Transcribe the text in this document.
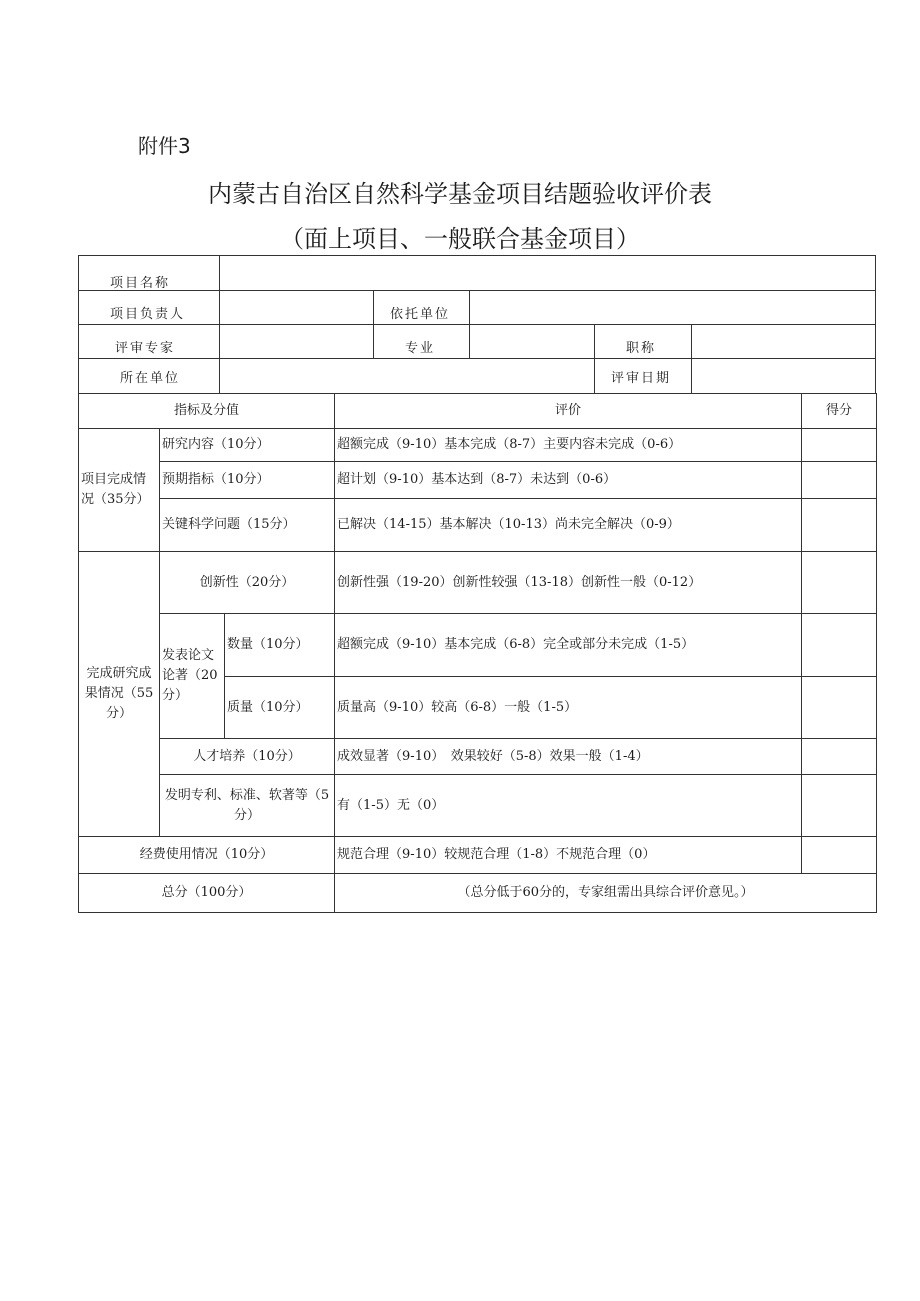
附件3
内蒙古自治区自然科学基金项目结题验收评价表
（面上项目、一般联合基金项目）
项目名称
项目负责人	依托单位
评审专家	专业	职称
所在单位	评审日期
指标及分值			评价	得分
项目完成情况（35分）	研究内容（10分）		超额完成（9-10）基本完成（8-7）主要内容未完成（0-6）	
	预期指标（10分）		超计划（9-10）基本达到（8-7）未达到（0-6）	
	关键科学问题（15分）		已解决（14-15）基本解决（10-13）尚未完全解决（0-9）	
完成研究成果情况（55分）	创新性（20分）		创新性强（19-20）创新性较强（13-18）创新性一般（0-12）	
	发表论文论著（20分）	数量（10分）	超额完成（9-10）基本完成（6-8）完全或部分未完成（1-5）	
		质量（10分）	质量高（9-10）较高（6-8）一般（1-5）	
	人才培养（10分）		成效显著（9-10）　效果较好（5-8）效果一般（1-4）	
	发明专利、标准、软著等（5分）		有（1-5）无（0）	

经费使用情况（10分）			规范合理（9-10）较规范合理（1-8）不规范合理（0）	
总分（100分）			（总分低于60分的，专家组需出具综合评价意见。）	
